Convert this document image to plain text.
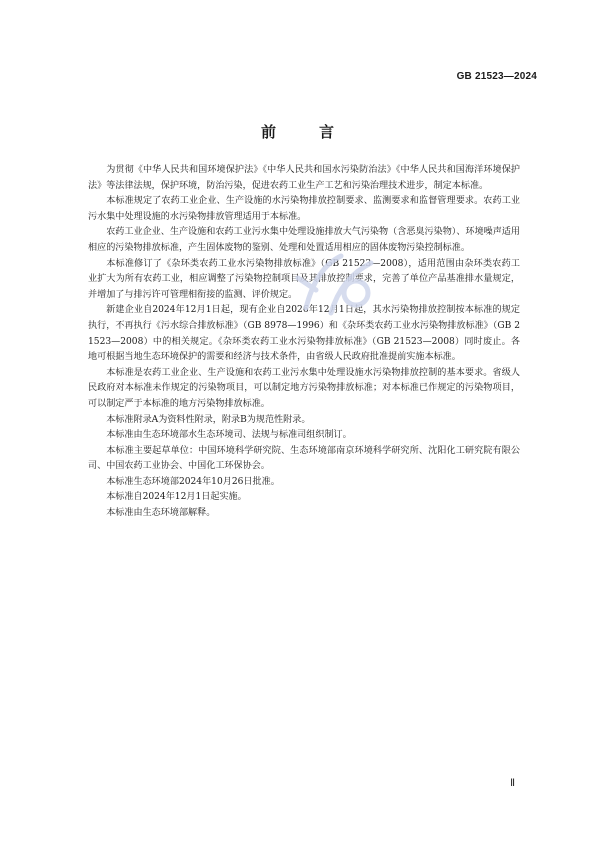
GB 21523—2024
前　言

为贯彻《中华人民共和国环境保护法》《中华人民共和国水污染防治法》《中华人民共和国海洋环境保护法》等法律法规，保护环境，防治污染，促进农药工业生产工艺和污染治理技术进步，制定本标准。

本标准规定了农药工业企业、生产设施的水污染物排放控制要求、监测要求和监督管理要求。农药工业污水集中处理设施的水污染物排放管理适用于本标准。

农药工业企业、生产设施和农药工业污水集中处理设施排放大气污染物（含恶臭污染物）、环境噪声适用相应的污染物排放标准，产生固体废物的鉴别、处理和处置适用相应的固体废物污染控制标准。

本标准修订了《杂环类农药工业水污染物排放标准》（GB 21523—2008），适用范围由杂环类农药工业扩大为所有农药工业，相应调整了污染物控制项目及其排放控制要求，完善了单位产品基准排水量规定，并增加了与排污许可管理相衔接的监测、评价规定。

新建企业自2024年12月1日起，现有企业自2026年12月1日起，其水污染物排放控制按本标准的规定执行，不再执行《污水综合排放标准》（GB 8978—1996）和《杂环类农药工业水污染物排放标准》（GB 21523—2008）中的相关规定。《杂环类农药工业水污染物排放标准》（GB 21523—2008）同时废止。各地可根据当地生态环境保护的需要和经济与技术条件，由省级人民政府批准提前实施本标准。

本标准是农药工业企业、生产设施和农药工业污水集中处理设施水污染物排放控制的基本要求。省级人民政府对本标准未作规定的污染物项目，可以制定地方污染物排放标准；对本标准已作规定的污染物项目，可以制定严于本标准的地方污染物排放标准。

本标准附录A为资料性附录，附录B为规范性附录。

本标准由生态环境部水生态环境司、法规与标准司组织制订。

本标准主要起草单位：中国环境科学研究院、生态环境部南京环境科学研究所、沈阳化工研究院有限公司、中国农药工业协会、中国化工环保协会。

本标准生态环境部2024年10月26日批准。

本标准自2024年12月1日起实施。

本标准由生态环境部解释。

Ⅱ
